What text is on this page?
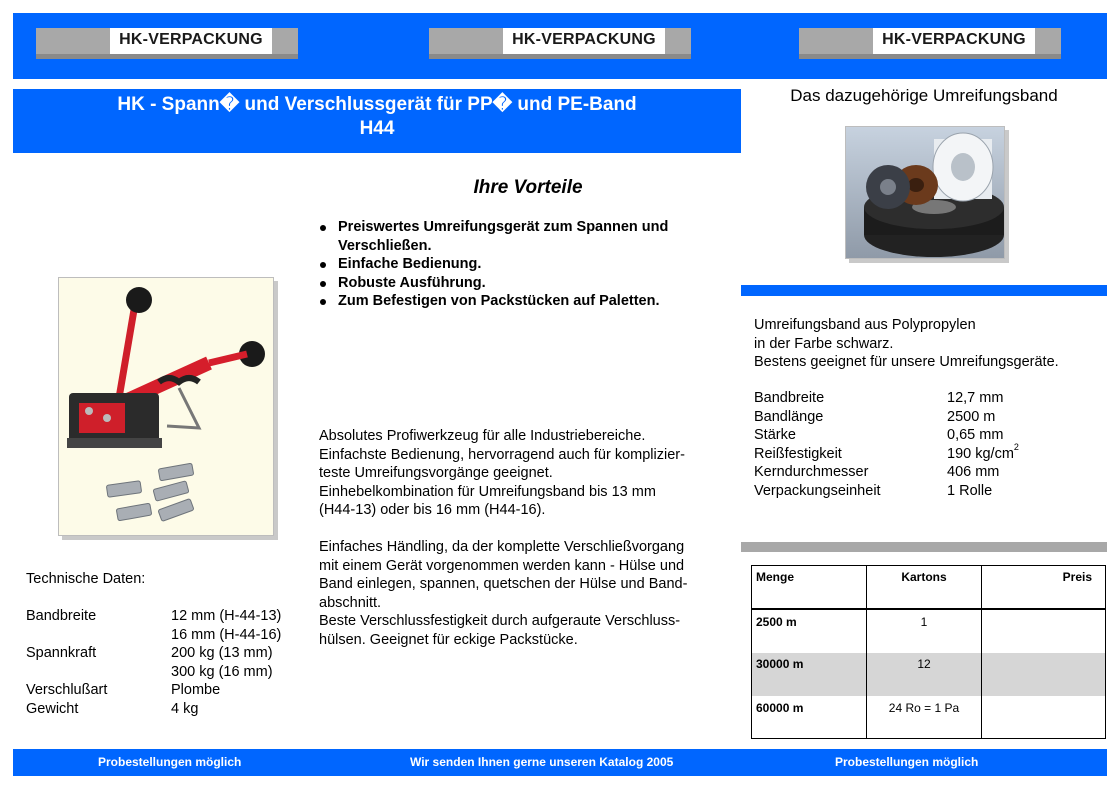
HK-VERPACKUNG	HK-VERPACKUNG	HK-VERPACKUNG
HK - Spann� und Verschlussgerät für PP� und PE-Band
H44
Das dazugehörige Umreifungsband
Ihre Vorteile
Preiswertes Umreifungsgerät zum Spannen und Verschließen.
Einfache Bedienung.
Robuste Ausführung.
Zum Befestigen von Packstücken auf Paletten.

Absolutes Profiwerkzeug für alle Industriebereiche.

Einfachste Bedienung, hervorragend auch für komplizier-

teste Umreifungsvorgänge geeignet.

Einhebelkombination für Umreifungsband bis 13 mm

(H44-13) oder bis 16 mm (H44-16).

Einfaches Händling, da der komplette Verschließvorgang

mit einem Gerät vorgenommen werden kann - Hülse und

Band einlegen, spannen, quetschen der Hülse und Band-

abschnitt.

Beste Verschlussfestigkeit durch aufgeraute Verschluss-

hülsen. Geeignet für eckige Packstücke.

Technische Daten:
Bandbreite	12 mm (H-44-13)
16 mm (H-44-16)
Spannkraft	200 kg (13 mm)
300 kg (16 mm)
Verschlußart	Plombe
Gewicht	4 kg

Umreifungsband aus Polypropylen

in der Farbe schwarz.

Bestens geeignet für unsere Umreifungsgeräte.

Bandbreite	12,7 mm
Bandlänge	2500 m
Stärke	0,65 mm
Reißfestigkeit	190 $kg/cm^2$
Kerndurchmesser	406 mm
Verpackungseinheit	1 Rolle
Menge	Kartons	Preis
2500 m	1
30000 m	12
60000 m	24 Ro = 1 Pa
Probestellungen möglich	Wir senden Ihnen gerne unseren Katalog 2005	Probestellungen möglich
